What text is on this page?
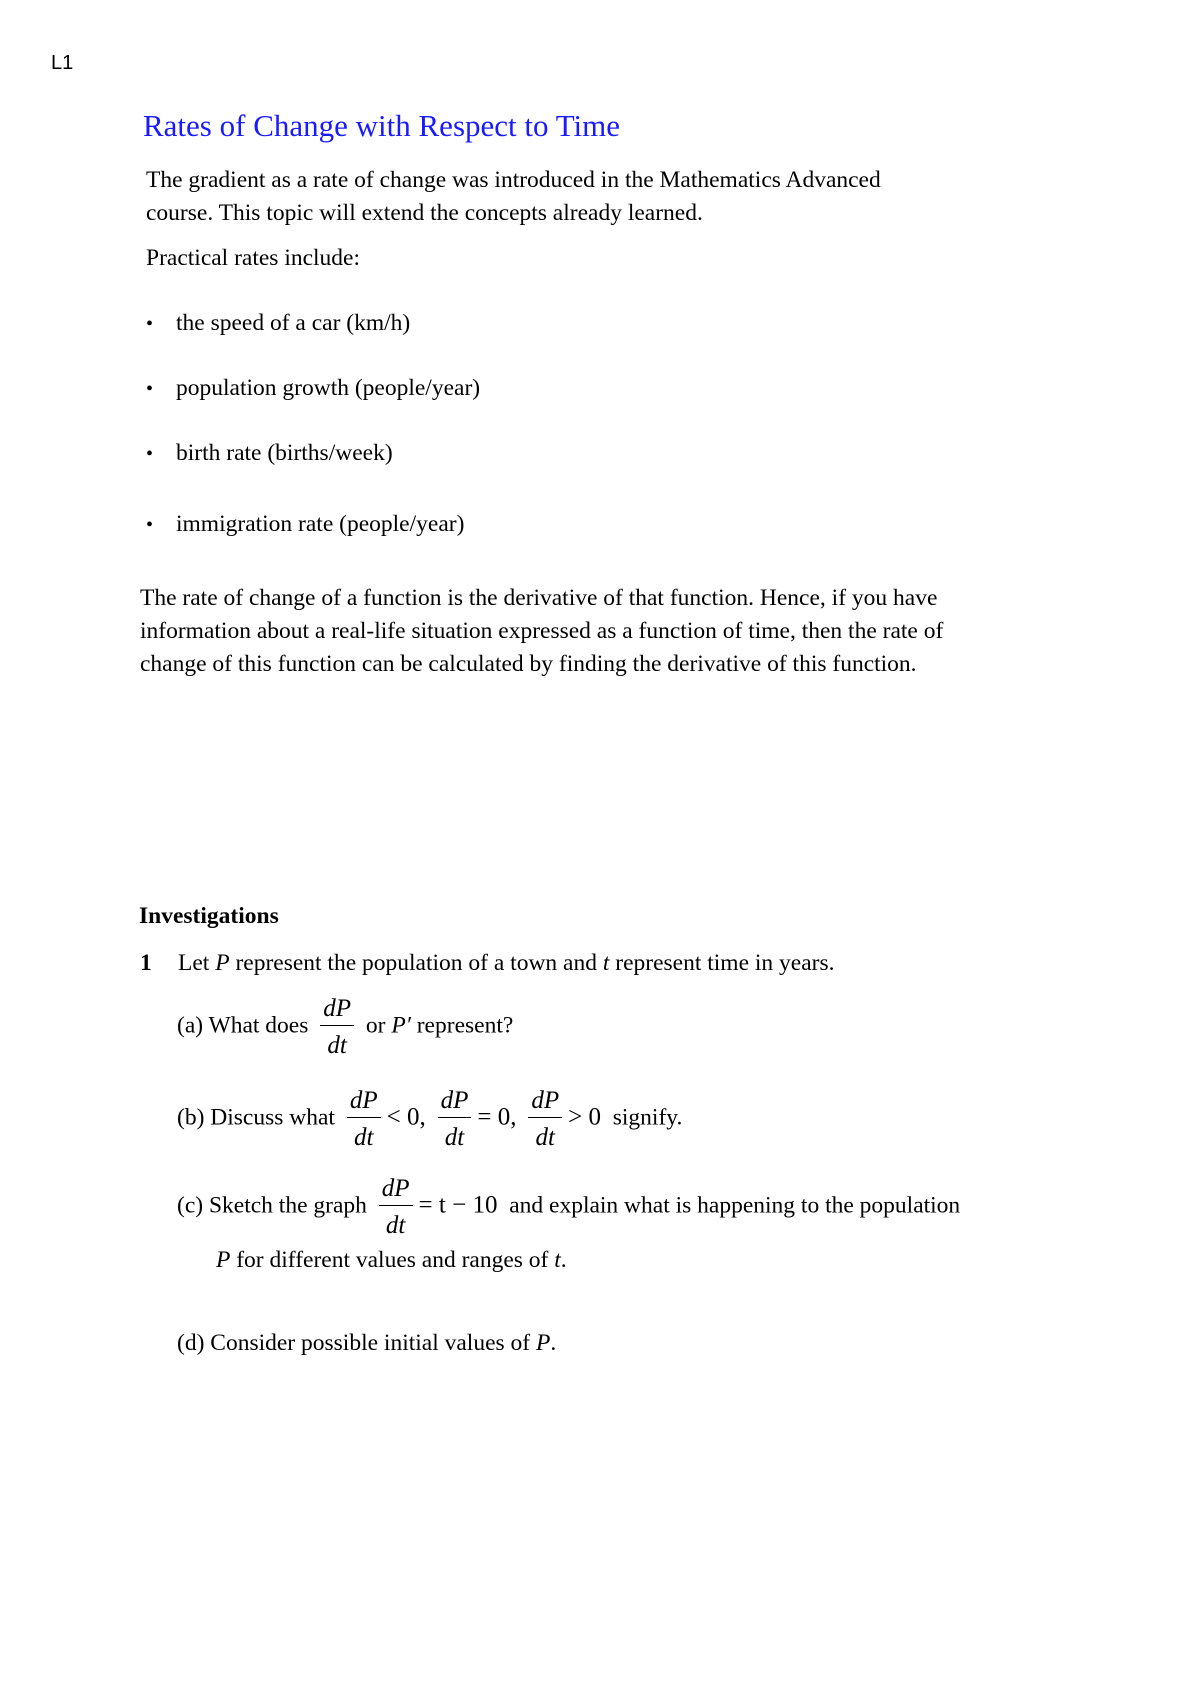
L1
Rates of Change with Respect to Time
The gradient as a rate of change was introduced in the Mathematics Advanced
course. This topic will extend the concepts already learned.
Practical rates include:
• the speed of a car (km/h)
• population growth (people/year)
• birth rate (births/week)
• immigration rate (people/year)
The rate of change of a function is the derivative of that function. Hence, if you have
information about a real-life situation expressed as a function of time, then the rate of
change of this function can be calculated by finding the derivative of this function.
Investigations
1 Let P represent the population of a town and t represent time in years.
(a) What does $\frac{dP}{dt}$ or P′ represent?
(b) Discuss what $\frac{dP}{dt} < 0$, $\frac{dP}{dt} = 0$, $\frac{dP}{dt} > 0$ signify.
(c) Sketch the graph $\frac{dP}{dt} = t - 10$ and explain what is happening to the population
P for different values and ranges of t.
(d) Consider possible initial values of P.
